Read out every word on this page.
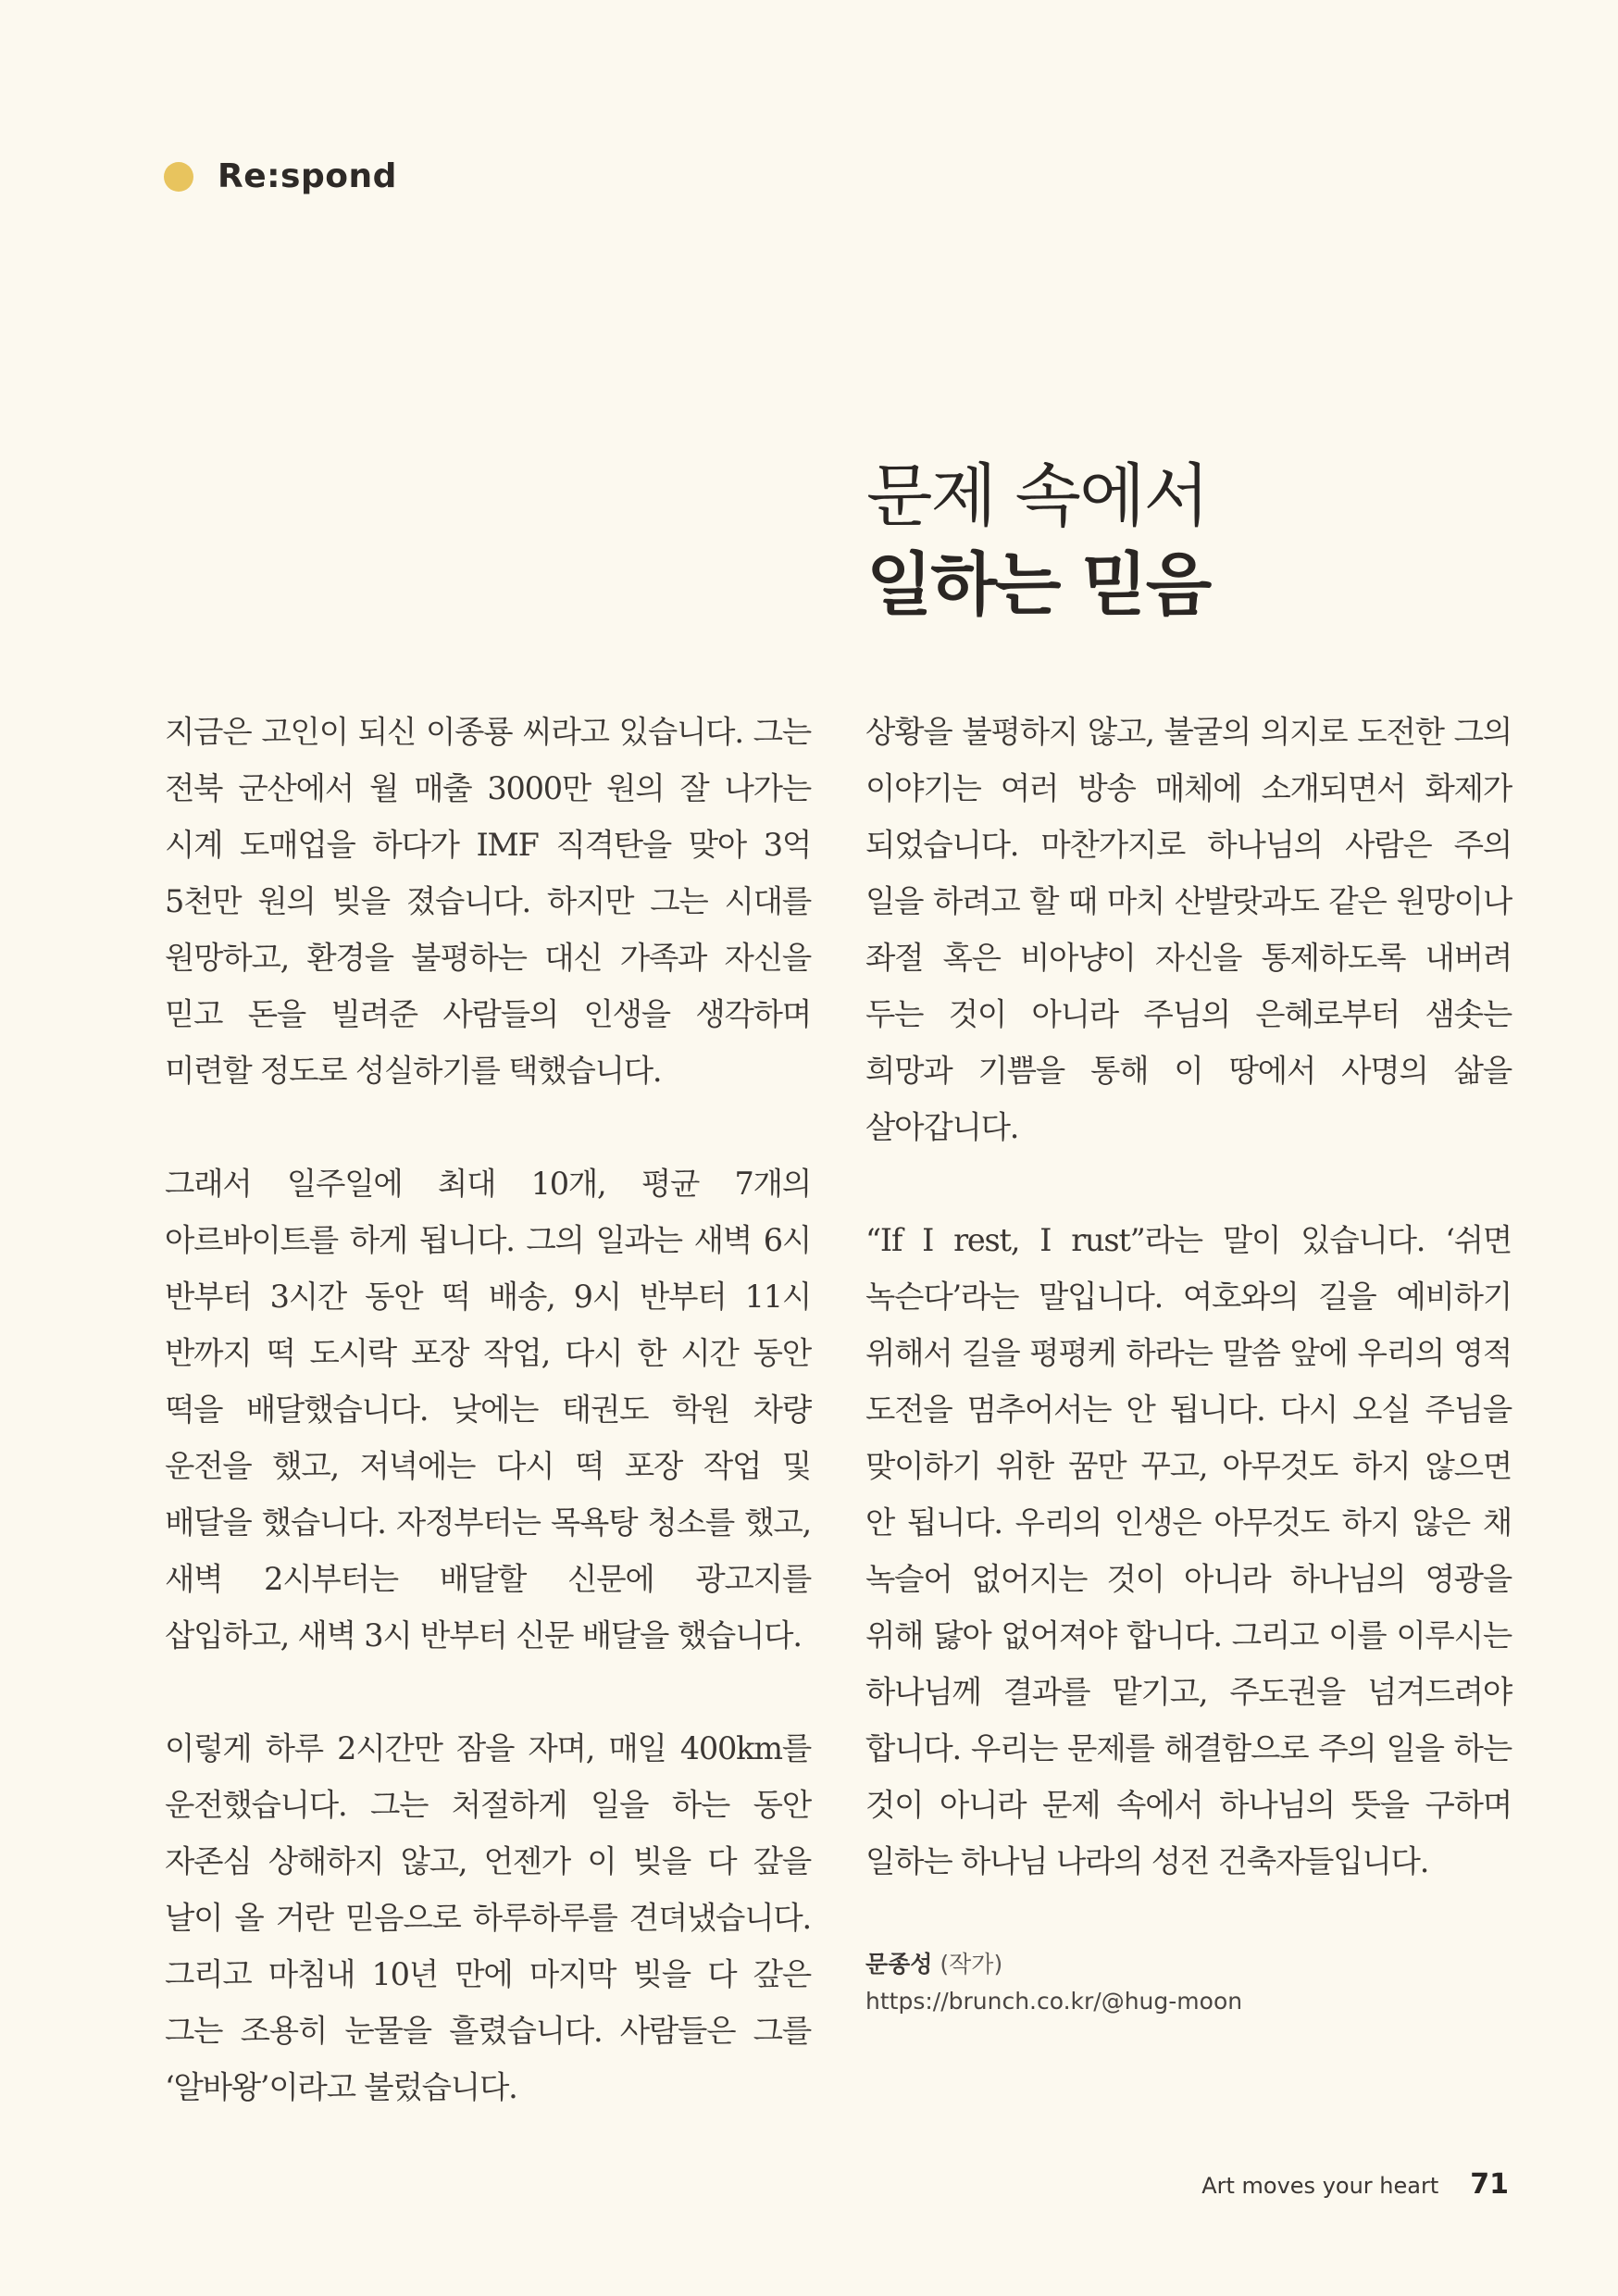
Re:spond
문제 속에서
일하는 믿음

지금은 고인이 되신 이종룡 씨라고 있습니다. 그는 전북 군산에서 월 매출 3000만 원의 잘 나가는 시계 도매업을 하다가 IMF 직격탄을 맞아 3억 5천만 원의 빚을 졌습니다. 하지만 그는 시대를 원망하고, 환경을 불평하는 대신 가족과 자신을 믿고 돈을 빌려준 사람들의 인생을 생각하며 미련할 정도로 성실하기를 택했습니다.

그래서 일주일에 최대 10개, 평균 7개의 아르바이트를 하게 됩니다. 그의 일과는 새벽 6시 반부터 3시간 동안 떡 배송, 9시 반부터 11시 반까지 떡 도시락 포장 작업, 다시 한 시간 동안 떡을 배달했습니다. 낮에는 태권도 학원 차량 운전을 했고, 저녁에는 다시 떡 포장 작업 및 배달을 했습니다. 자정부터는 목욕탕 청소를 했고, 새벽 2시부터는 배달할 신문에 광고지를 삽입하고, 새벽 3시 반부터 신문 배달을 했습니다.

이렇게 하루 2시간만 잠을 자며, 매일 400km를 운전했습니다. 그는 처절하게 일을 하는 동안 자존심 상해하지 않고, 언젠가 이 빚을 다 갚을 날이 올 거란 믿음으로 하루하루를 견뎌냈습니다. 그리고 마침내 10년 만에 마지막 빚을 다 갚은 그는 조용히 눈물을 흘렸습니다. 사람들은 그를 ‘알바왕’이라고 불렀습니다.

상황을 불평하지 않고, 불굴의 의지로 도전한 그의 이야기는 여러 방송 매체에 소개되면서 화제가 되었습니다. 마찬가지로 하나님의 사람은 주의 일을 하려고 할 때 마치 산발랏과도 같은 원망이나 좌절 혹은 비아냥이 자신을 통제하도록 내버려 두는 것이 아니라 주님의 은혜로부터 샘솟는 희망과 기쁨을 통해 이 땅에서 사명의 삶을 살아갑니다.

“If I rest, I rust”라는 말이 있습니다. ‘쉬면 녹슨다’라는 말입니다. 여호와의 길을 예비하기 위해서 길을 평평케 하라는 말씀 앞에 우리의 영적 도전을 멈추어서는 안 됩니다. 다시 오실 주님을 맞이하기 위한 꿈만 꾸고, 아무것도 하지 않으면 안 됩니다. 우리의 인생은 아무것도 하지 않은 채 녹슬어 없어지는 것이 아니라 하나님의 영광을 위해 닳아 없어져야 합니다. 그리고 이를 이루시는 하나님께 결과를 맡기고, 주도권을 넘겨드려야 합니다. 우리는 문제를 해결함으로 주의 일을 하는 것이 아니라 문제 속에서 하나님의 뜻을 구하며 일하는 하나님 나라의 성전 건축자들입니다.

문종성 (작가)
https://brunch.co.kr/@hug-moon
Art moves your heart 71
